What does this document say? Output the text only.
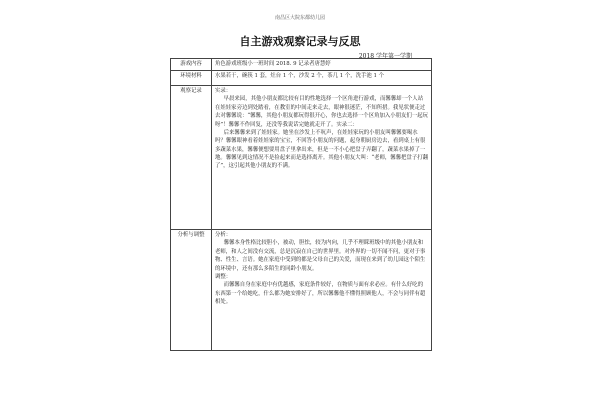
南昌区大院东都幼儿园
自主游戏观察记录与反思
2018 学年第一学期
游戏内容	角色游戏班级小一班时间 2018. 9 记录者唐慧婷

环境材料	水果若干，碗筷 1 套，灶台 1 个，沙发 2 个，茶几 1 个，洗手池 1 个

观察记录	实录：

早晨来园，其他小朋友都比较有目的性地选择一个区角进行游戏，而馨馨却一个人站在娃娃家旁边到处踏看，在教室的中间走来走去，眼神很迷茫，不知所措。我见状便走过去对馨馨说：“馨馨，其他小朋友都玩得很开心，你也去选择一个区角加入小朋友们一起玩呀”！馨馨不作回复，还没等我说话完她就走开了。实录二：

后来馨馨来到了娃娃家。她坐在沙发上不吭声，在娃娃家玩的小朋友叫馨馨要喝水吗？馨馨眼神看着娃娃家的宝宝，不回答小朋友的问题，起身朝厨房边去，看到桌上有很多蔬菜水果，馨馨便想要用盘子里拿出来，但是一不小心把盘子弄翻了，蔬菜水果掉了一地。馨馨见到这情况不是捡起来而是选择离开。其他小朋友大叫：“老师，馨馨把盘子打翻了”，这引起其他小朋友的不满。

分析与调整	分析：

馨馨本身性格比较胆小，被动，胆怯，较为内向，几乎不理睬班级中的其他小朋友和老师，和人之间没有交流，总是沉寂在自己的世界里。对外界的一切不闻不问，更对于事物、性生、言语。她在家庭中受到的都是父母自己的关爱，而现在来到了幼儿园这个陌生的环境中，还有那么多陌生的同龄小朋友。

调整：

而馨馨自身在家庭中有优越感，家庭条件较好，在物质与面有求必应。有什么好吃的东西第一个给她吃，什么都为她安排好了，所以馨馨他不懂得照顾他人，不会与同伴有超相处。
